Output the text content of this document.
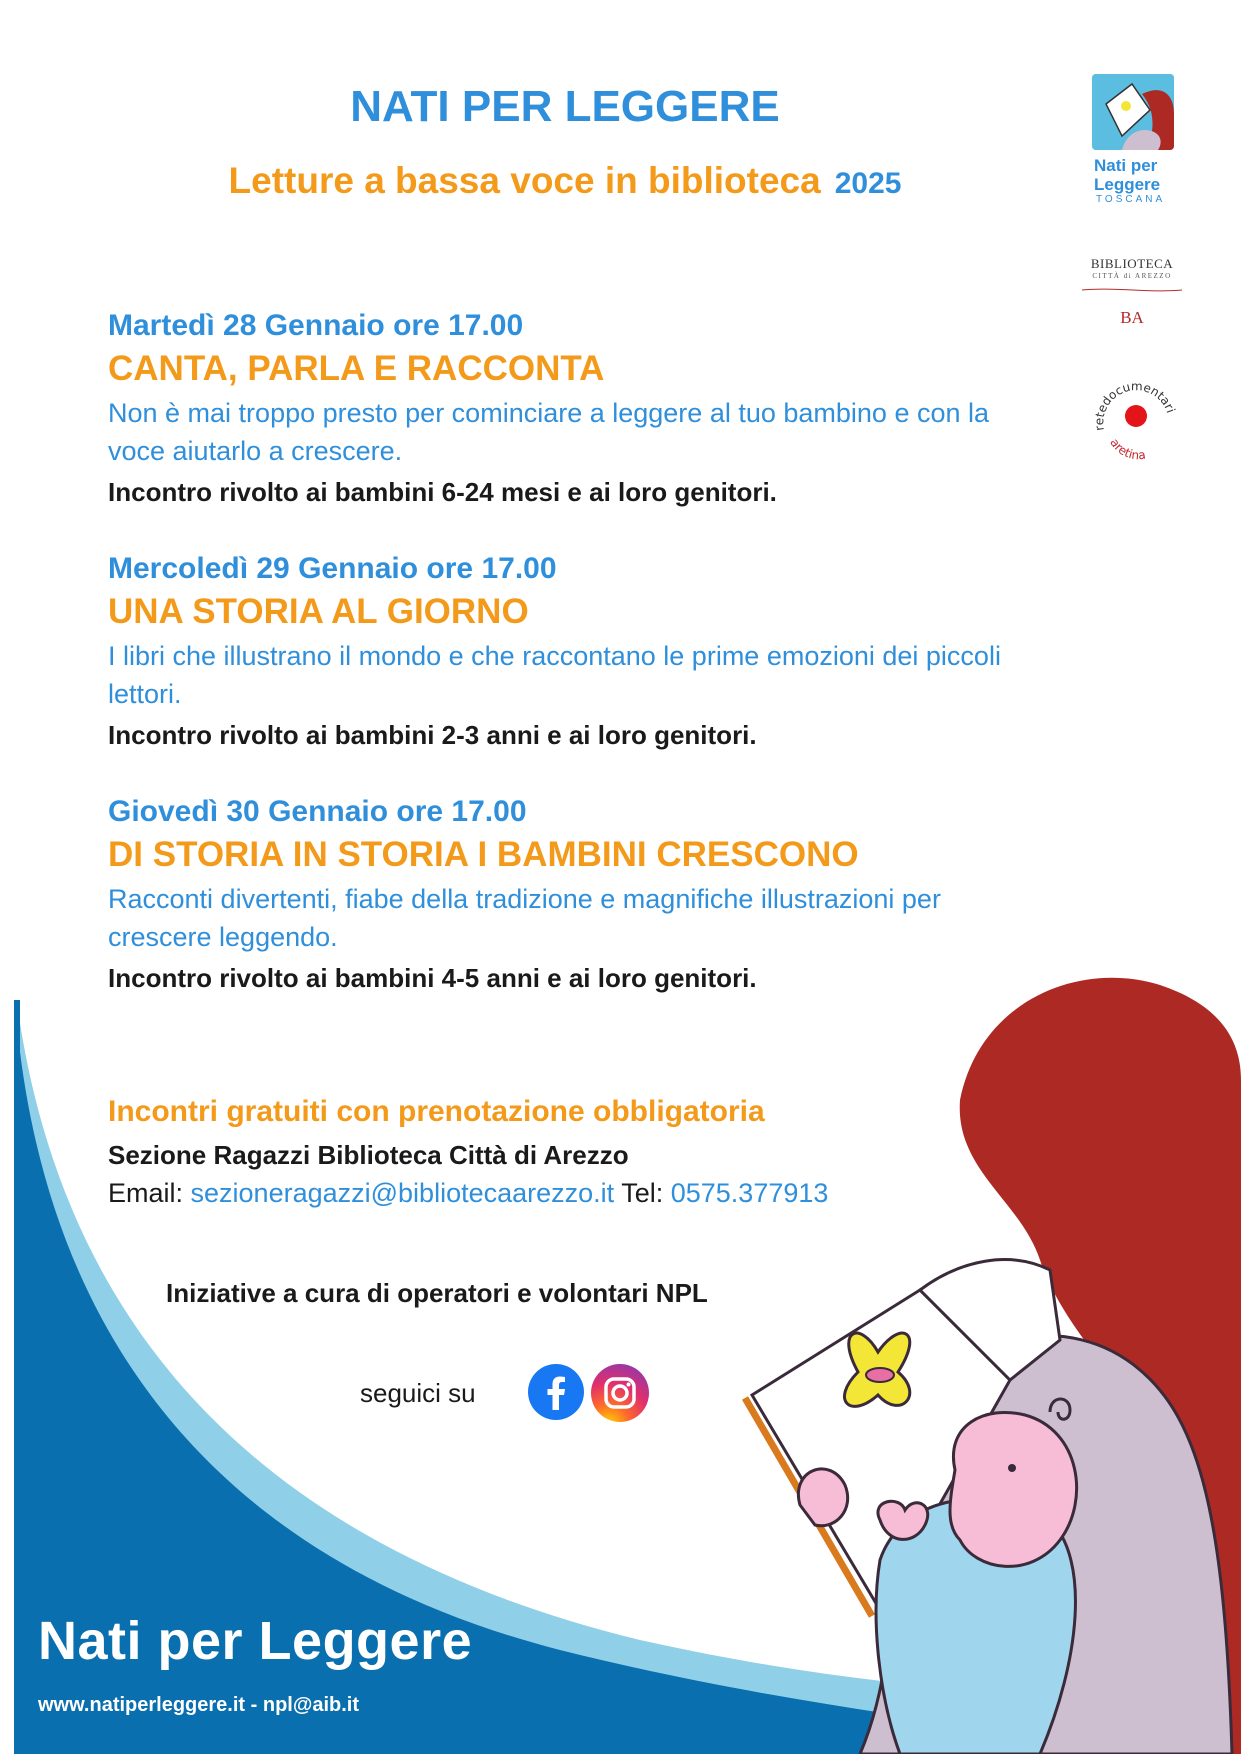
NATI PER LEGGERE
Letture a bassa voce in biblioteca 2025
Nati per
Leggere
TOSCANA
BIBLIOTECA
CITTÀ di AREZZO
BA
retedocumentari
aretina
Martedì 28 Gennaio ore 17.00
CANTA, PARLA E RACCONTA
Non è mai troppo presto per cominciare a leggere al tuo bambino e con la voce aiutarlo a crescere.
Incontro rivolto ai bambini 6-24 mesi e ai loro genitori.
Mercoledì 29 Gennaio ore 17.00
UNA STORIA AL GIORNO
I libri che illustrano il mondo e che raccontano le prime emozioni dei piccoli lettori.
Incontro rivolto ai bambini 2-3 anni e ai loro genitori.
Giovedì 30 Gennaio ore 17.00
DI STORIA IN STORIA I BAMBINI CRESCONO
Racconti divertenti, fiabe della tradizione e magnifiche illustrazioni per crescere leggendo.
Incontro rivolto ai bambini 4-5 anni e ai loro genitori.
Incontri gratuiti con prenotazione obbligatoria
Sezione Ragazzi Biblioteca Città di Arezzo
Email: sezioneragazzi@bibliotecaarezzo.it Tel: 0575.377913
Iniziative a cura di operatori e volontari NPL
seguici su
Nati per Leggere
www.natiperleggere.it - npl@aib.it
